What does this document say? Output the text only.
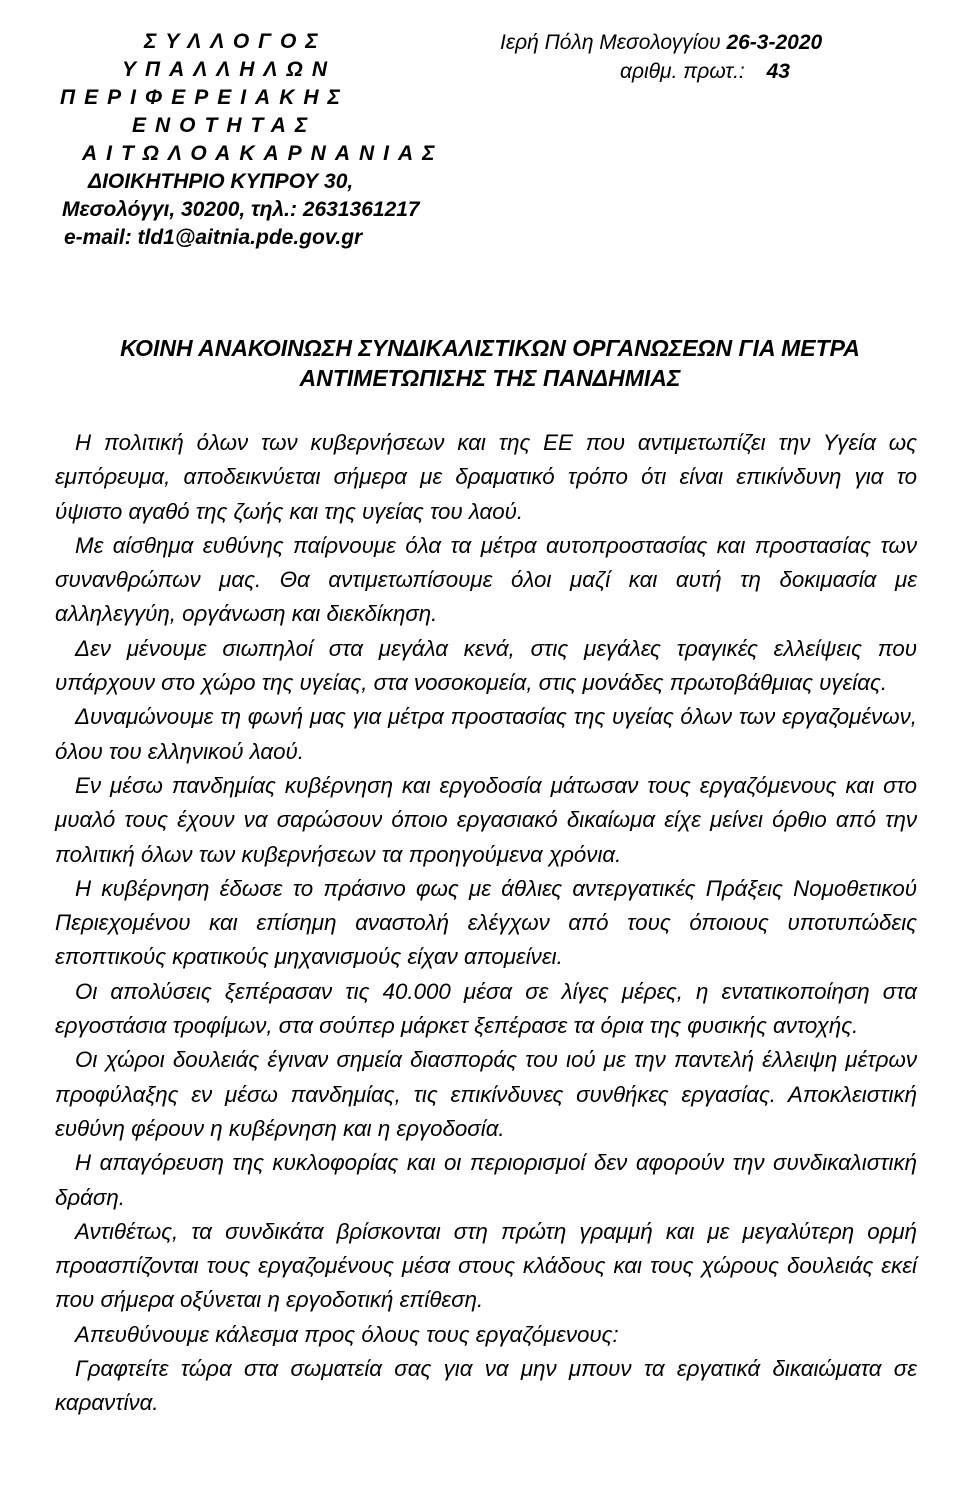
ΣΥΛΛΟΓΟΣ
ΥΠΑΛΛΗΛΩΝ
ΠΕΡΙΦΕΡΕΙΑΚΗΣ
ΕΝΟΤΗΤΑΣ
ΑΙΤΩΛΟΑΚΑΡΝΑΝΙΑΣ
ΔΙΟΙΚΗΤΗΡΙΟ ΚΥΠΡΟΥ 30,
Μεσολόγγι, 30200, τηλ.: 2631361217
e-mail: tld1@aitnia.pde.gov.gr
Ιερή Πόλη Μεσολογγίου 26-3-2020
αριθμ. πρωτ.: 43
ΚΟΙΝΗ ΑΝΑΚΟΙΝΩΣΗ ΣΥΝΔΙΚΑΛΙΣΤΙΚΩΝ ΟΡΓΑΝΩΣΕΩΝ ΓΙΑ ΜΕΤΡΑ
ΑΝΤΙΜΕΤΩΠΙΣΗΣ ΤΗΣ ΠΑΝΔΗΜΙΑΣ

Η πολιτική όλων των κυβερνήσεων και της ΕΕ που αντιμετωπίζει την Υγεία ως εμπόρευμα, αποδεικνύεται σήμερα με δραματικό τρόπο ότι είναι επικίνδυνη για το ύψιστο αγαθό της ζωής και της υγείας του λαού.

Με αίσθημα ευθύνης παίρνουμε όλα τα μέτρα αυτοπροστασίας και προστασίας των συνανθρώπων μας. Θα αντιμετωπίσουμε όλοι μαζί και αυτή τη δοκιμασία με αλληλεγγύη, οργάνωση και διεκδίκηση.

Δεν μένουμε σιωπηλοί στα μεγάλα κενά, στις μεγάλες τραγικές ελλείψεις που υπάρχουν στο χώρο της υγείας, στα νοσοκομεία, στις μονάδες πρωτοβάθμιας υγείας.

Δυναμώνουμε τη φωνή μας για μέτρα προστασίας της υγείας όλων των εργαζομένων, όλου του ελληνικού λαού.

Εν μέσω πανδημίας κυβέρνηση και εργοδοσία μάτωσαν τους εργαζόμενους και στο μυαλό τους έχουν να σαρώσουν όποιο εργασιακό δικαίωμα είχε μείνει όρθιο από την πολιτική όλων των κυβερνήσεων τα προηγούμενα χρόνια.

Η κυβέρνηση έδωσε το πράσινο φως με άθλιες αντεργατικές Πράξεις Νομοθετικού Περιεχομένου και επίσημη αναστολή ελέγχων από τους όποιους υποτυπώδεις εποπτικούς κρατικούς μηχανισμούς είχαν απομείνει.

Οι απολύσεις ξεπέρασαν τις 40.000 μέσα σε λίγες μέρες, η εντατικοποίηση στα εργοστάσια τροφίμων, στα σούπερ μάρκετ ξεπέρασε τα όρια της φυσικής αντοχής.

Οι χώροι δουλειάς έγιναν σημεία διασποράς του ιού με την παντελή έλλειψη μέτρων προφύλαξης εν μέσω πανδημίας, τις επικίνδυνες συνθήκες εργασίας. Αποκλειστική ευθύνη φέρουν η κυβέρνηση και η εργοδοσία.

Η απαγόρευση της κυκλοφορίας και οι περιορισμοί δεν αφορούν την συνδικαλιστική δράση.

Αντιθέτως, τα συνδικάτα βρίσκονται στη πρώτη γραμμή και με μεγαλύτερη ορμή προασπίζονται τους εργαζομένους μέσα στους κλάδους και τους χώρους δουλειάς εκεί που σήμερα οξύνεται η εργοδοτική επίθεση.

Απευθύνουμε κάλεσμα προς όλους τους εργαζόμενους:

Γραφτείτε τώρα στα σωματεία σας για να μην μπουν τα εργατικά δικαιώματα σε καραντίνα.
